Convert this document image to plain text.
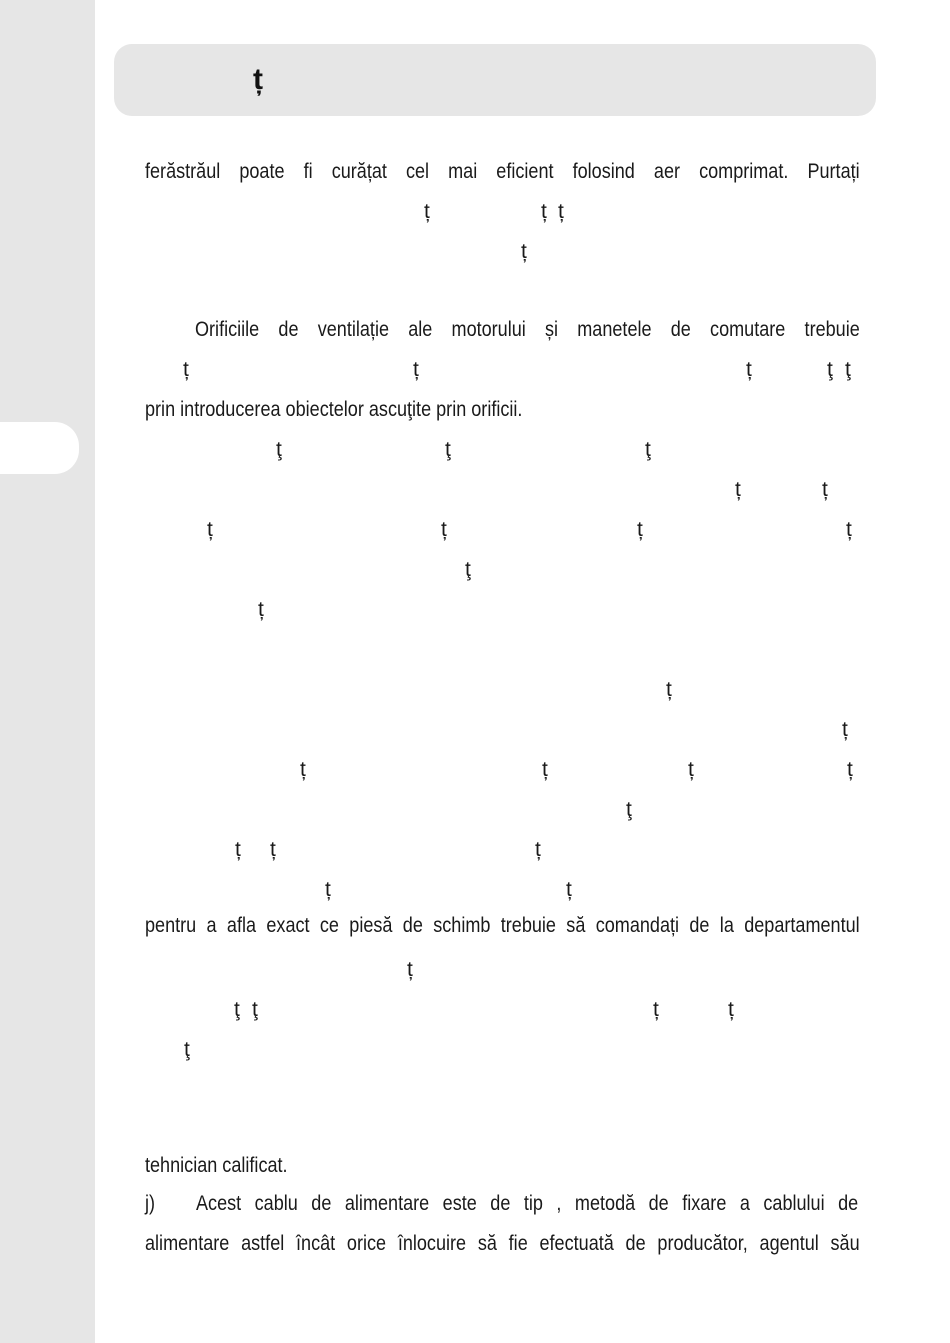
ț
ferăstrăul poate fi curățat cel mai eficient folosind aer comprimat. Purtați
Orificiile de ventilație ale motorului și manetele de comutare trebuie
prin introducerea obiectelor ascuţite prin orificii.
pentru a afla exact ce piesă de schimb trebuie să comandați de la departamentul
tehnician calificat.
j)	Acest cablu de alimentare este de tip , metodă de fixare a cablului de
alimentare astfel încât orice înlocuire să fie efectuată de producător, agentul său
ț	ț ț
ț
ț	ț	ț	ţ ţ
ţ	ţ	ţ
ț	ț
ț	ț	ț	ț
ţ
ț
ț
ț
ț	ț	ț	ț
ţ
ț ț	ț
ț	ț
ț
ţ ţ	ț	ț
ţ
